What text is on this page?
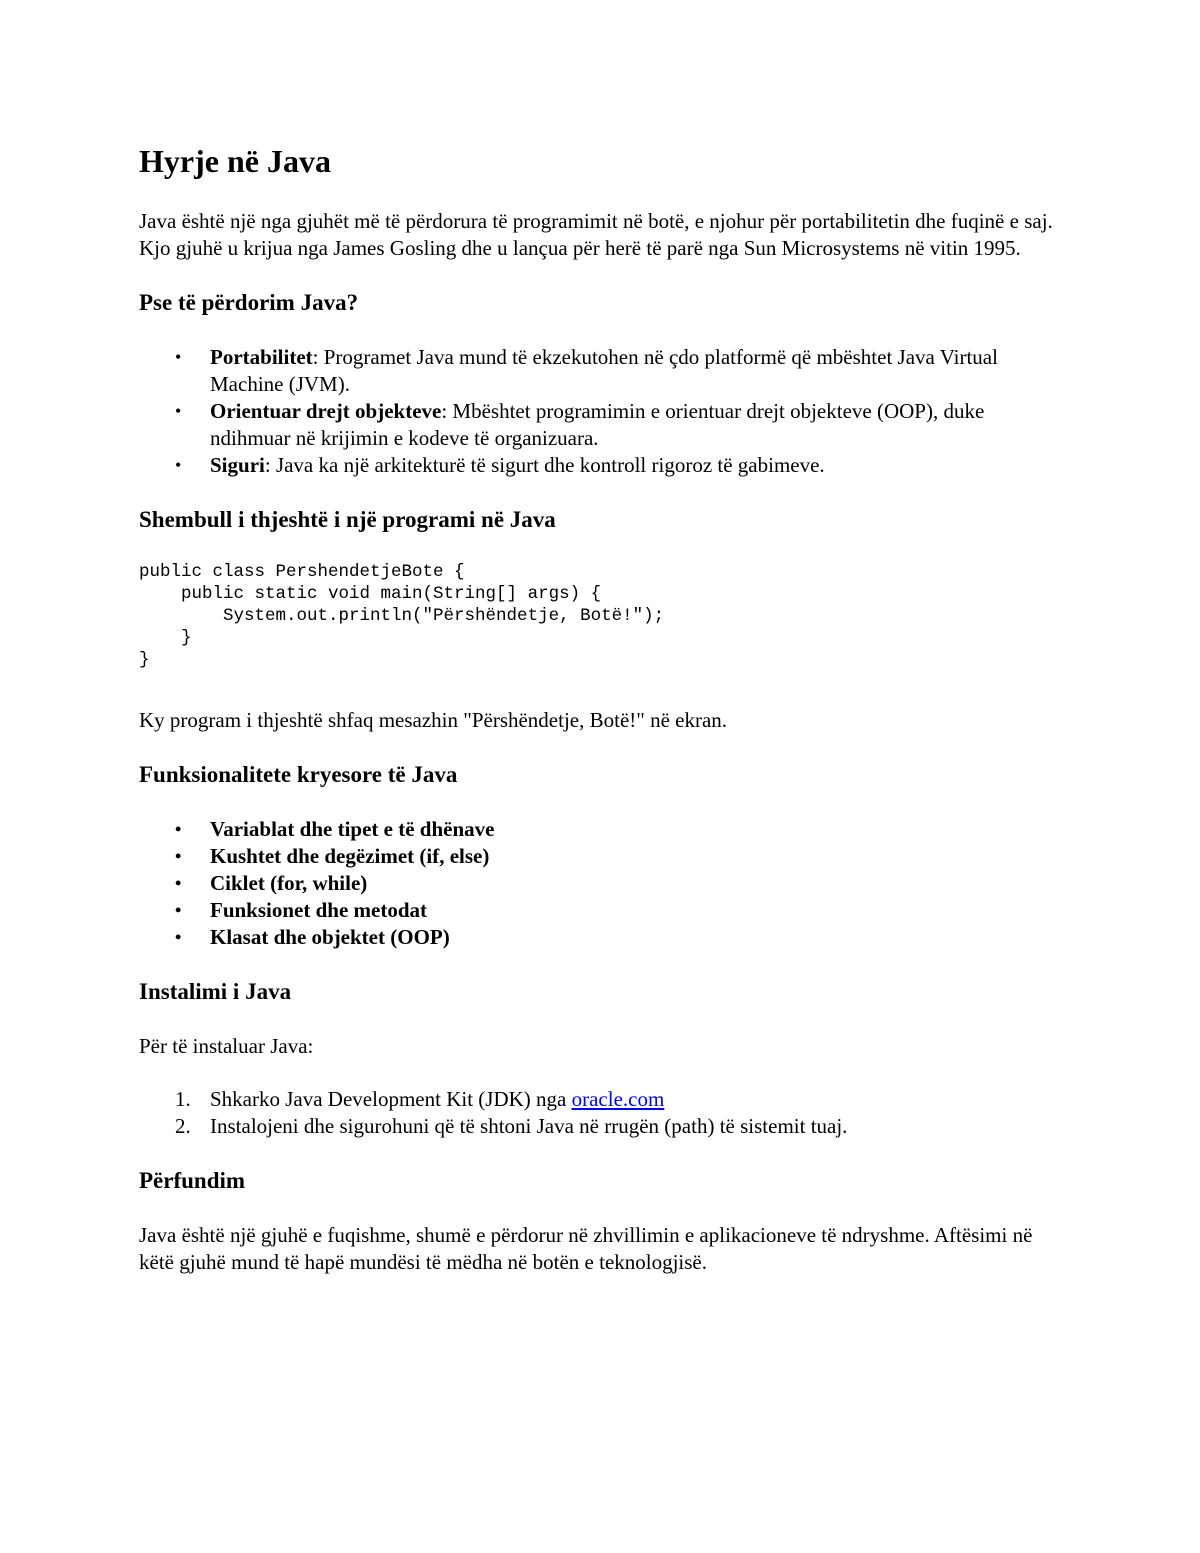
Hyrje në Java

Java është një nga gjuhët më të përdorura të programimit në botë, e njohur për portabilitetin dhe fuqinë e saj. Kjo gjuhë u krijua nga James Gosling dhe u lançua për herë të parë nga Sun Microsystems në vitin 1995.

Pse të përdorim Java?
• Portabilitet: Programet Java mund të ekzekutohen në çdo platformë që mbështet Java Virtual Machine (JVM).
• Orientuar drejt objekteve: Mbështet programimin e orientuar drejt objekteve (OOP), duke ndihmuar në krijimin e kodeve të organizuara.
• Siguri: Java ka një arkitekturë të sigurt dhe kontroll rigoroz të gabimeve.
Shembull i thjeshtë i një programi në Java
public class PershendetjeBote {
public static void main(String[] args) {
System.out.println("Përshëndetje, Botë!");
}
}

Ky program i thjeshtë shfaq mesazhin "Përshëndetje, Botë!" në ekran.

Funksionalitete kryesore të Java
• Variablat dhe tipet e të dhënave
• Kushtet dhe degëzimet (if, else)
• Ciklet (for, while)
• Funksionet dhe metodat
• Klasat dhe objektet (OOP)
Instalimi i Java

Për të instaluar Java:

1. Shkarko Java Development Kit (JDK) nga oracle.com
2. Instalojeni dhe sigurohuni që të shtoni Java në rrugën (path) të sistemit tuaj.
Përfundim

Java është një gjuhë e fuqishme, shumë e përdorur në zhvillimin e aplikacioneve të ndryshme. Aftësimi në këtë gjuhë mund të hapë mundësi të mëdha në botën e teknologjisë.
